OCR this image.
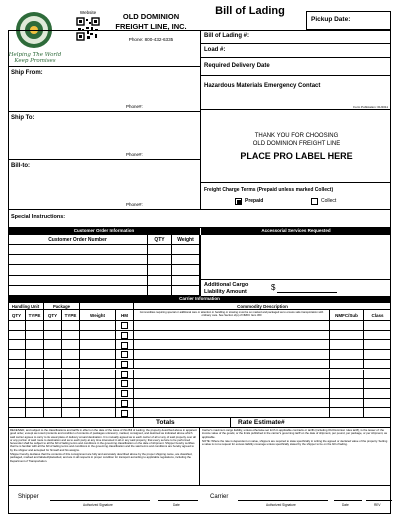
Helping The World
Keep Promises
Website	OLD DOMINION
FREIGHT LINE, INC.
Phone: 800-432-6335
Bill of Lading
Pickup Date:
Bill of Lading #:
Load #:
Required Delivery Date
Hazardous Materials Emergency Contact
Form Publication: 01/2011
Ship From:
Phone#:
Ship To:
Phone#:
Bill-to:
Phone#:
THANK YOU FOR CHOOSING
OLD DOMINION FREIGHT LINE
PLACE PRO LABEL HERE
Freight Charge Terms (Prepaid unless marked Collect)
Prepaid	Collect
Special Instructions:
Customer Order Information	Accessorial Services Requested
Customer Order Number	QTY	Weight
Additional Cargo
Liability Amount	$
Carrier Information
Handling Unit	Package	Commodity Description
QTY	TYPE	QTY	TYPE	Weight	HM
Commodities requiring special or additional care or attention in handling or stowing must be so marked and packaged as to ensure safe transportation with ordinary care. See Section 2(e) of NMFC Item 360	NMFC/Sub	Class
Totals	Rate Estimate#
RECEIVED, and subject to the classifications and tariffs in effect on the date of the issue of this Bill of Lading, the property described above in apparent good order, except as noted (contents and condition of contents of packages unknown), marked, consigned, and destined as indicated above which said carrier agrees to carry to its usual place of delivery at said destination. It is mutually agreed as to each carrier of all or any of said property over all or any portion of said route to destination and as to each party at any time interested in all or any said property, that every service to be performed hereunder shall be subject to all the bill of lading terms and conditions in the governing classification on the date of shipment. Shipper hereby certifies that he is familiar with all the bill of lading terms and conditions in the governing classification and the said terms and conditions are hereby agreed to by the shipper and accepted for himself and his assigns.
Shipper hereby declares that the contents of this consignment are fully and accurately described above by the proper shipping name, are classified, packaged, marked and labeled/placarded, and are in all respects in proper condition for transport according to applicable regulations, including the Department of Transportation.
Carrier's maximum cargo liability, unless otherwise set forth in applicable contracts or tariffs (including Old Dominion rules tariff), is the lesser of: the invoice value of the goods; or the limits published in the carrier's governing tariff on the date of shipment, per pound, per package, or per shipment, as applicable.
NOTE: Where the rate is dependent on value, shippers are required to state specifically in writing the agreed or declared value of the property. Setting a value is not a request for excess liability coverage unless specifically stated by the shipper to be on the bill of lading.
Shipper
Authorized Signature	Date
Carrier
Authorized Signature	Date	REV
